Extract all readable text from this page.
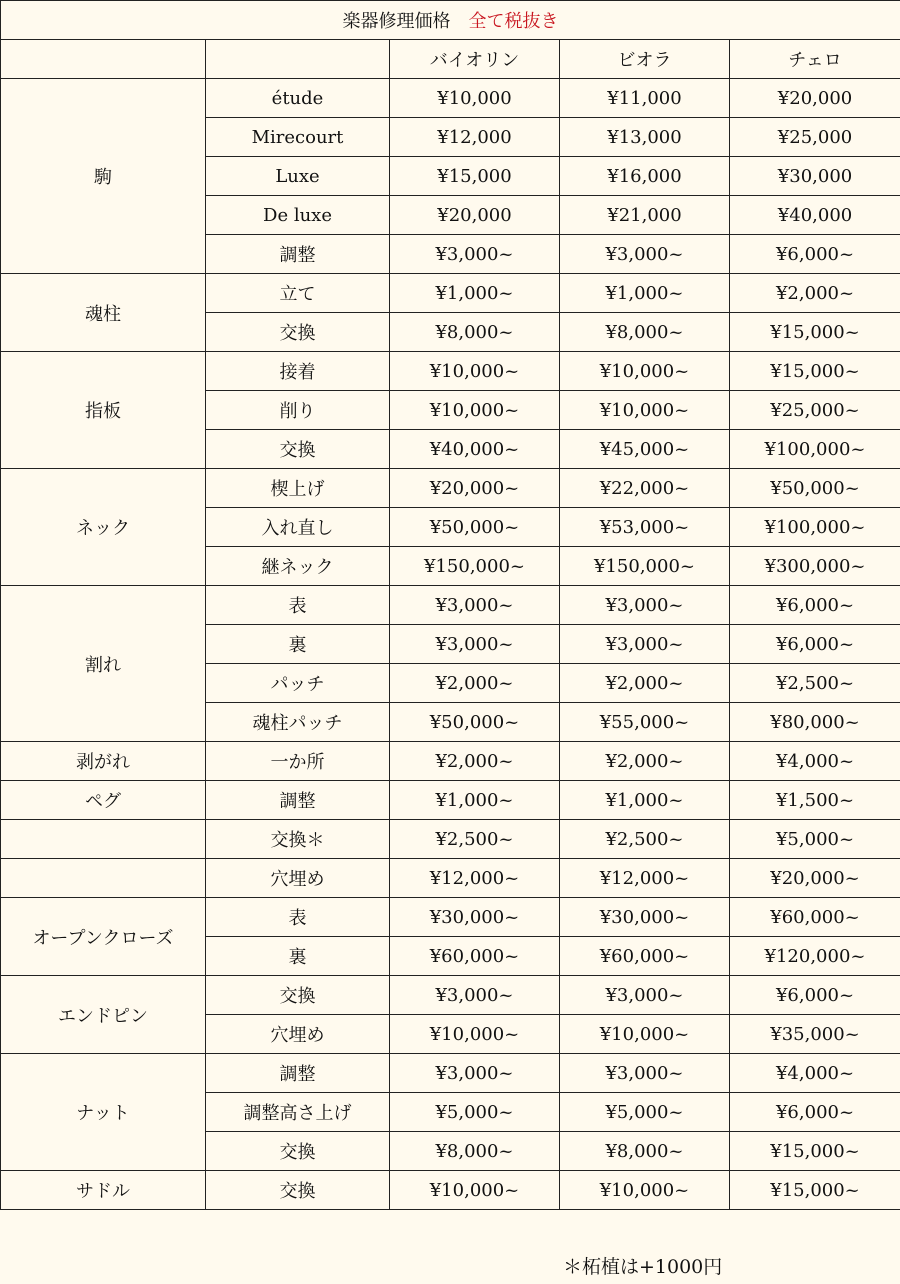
楽器修理価格 全て税抜き				
		バイオリン	ビオラ	チェロ
駒	étude	¥10,000	¥11,000	¥20,000
	Mirecourt	¥12,000	¥13,000	¥25,000
	Luxe	¥15,000	¥16,000	¥30,000
	De luxe	¥20,000	¥21,000	¥40,000
	調整	¥3,000~	¥3,000~	¥6,000~
魂柱	立て	¥1,000~	¥1,000~	¥2,000~
	交換	¥8,000~	¥8,000~	¥15,000~
指板	接着	¥10,000~	¥10,000~	¥15,000~
	削り	¥10,000~	¥10,000~	¥25,000~
	交換	¥40,000~	¥45,000~	¥100,000~
ネック	楔上げ	¥20,000~	¥22,000~	¥50,000~
	入れ直し	¥50,000~	¥53,000~	¥100,000~
	継ネック	¥150,000~	¥150,000~	¥300,000~
割れ	表	¥3,000~	¥3,000~	¥6,000~
	裏	¥3,000~	¥3,000~	¥6,000~
	パッチ	¥2,000~	¥2,000~	¥2,500~
	魂柱パッチ	¥50,000~	¥55,000~	¥80,000~
剥がれ	一か所	¥2,000~	¥2,000~	¥4,000~
ペグ	調整	¥1,000~	¥1,000~	¥1,500~
	交換＊	¥2,500~	¥2,500~	¥5,000~
	穴埋め	¥12,000~	¥12,000~	¥20,000~
オープンクローズ	表	¥30,000~	¥30,000~	¥60,000~
	裏	¥60,000~	¥60,000~	¥120,000~
エンドピン	交換	¥3,000~	¥3,000~	¥6,000~
	穴埋め	¥10,000~	¥10,000~	¥35,000~
ナット	調整	¥3,000~	¥3,000~	¥4,000~
	調整高さ上げ	¥5,000~	¥5,000~	¥6,000~
	交換	¥8,000~	¥8,000~	¥15,000~
サドル	交換	¥10,000~	¥10,000~	¥15,000~
＊柘植は+1000円
